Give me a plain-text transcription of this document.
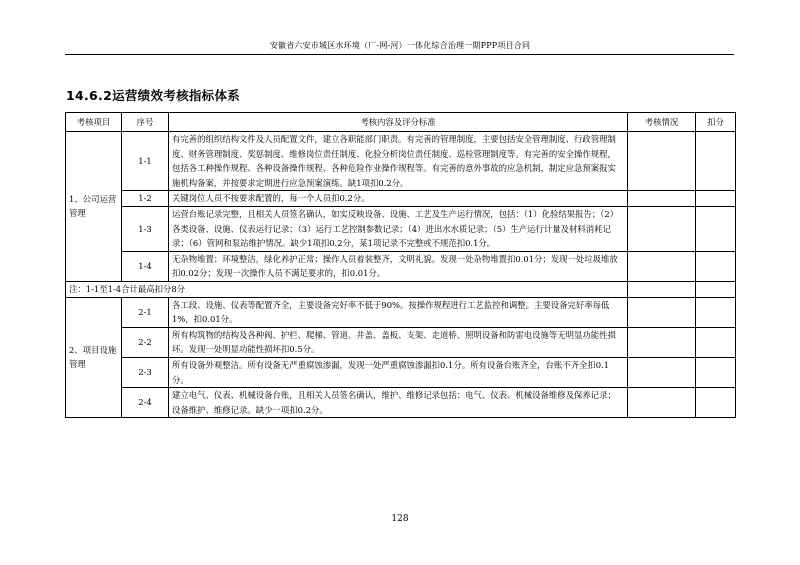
安徽省六安市城区水环境（厂-网-河）一体化综合治理一期PPP项目合同
14.6.2运营绩效考核指标体系
考核项目	序号	考核内容及评分标准	考核情况	扣分
1、公司运营管理	1-1	有完善的组织结构文件及人员配置文件，建立各职能部门职责。有完善的管理制度，主要包括安全管理制度、行政管理制度、财务管理制度、奖惩制度、维修岗位责任制度、化验分析岗位责任制度、巡检管理制度等。有完善的安全操作规程，包括各工种操作规程、各种设备操作规程、各种危险作业操作规程等。有完善的意外事故的应急机制，制定应急预案报实施机构备案，并按要求定期进行应急预案演练。缺1项扣0.2分。		
	1-2	关键岗位人员不按要求配置的，每一个人员扣0.2分。		
	1-3	运营台账记录完整，且相关人员签名确认，如实反映设备、设施、工艺及生产运行情况，包括：（1）化验结果报告；（2）各类设备、设施、仪表运行记录；（3）运行工艺控制参数记录；（4）进出水水质记录；（5）生产运行计量及材料消耗记录；（6）管网和泵站维护情况。缺少1项扣0.2分，某1项记录不完整或不规范扣0.1分。		
	1-4	无杂物堆置；环境整洁，绿化养护正常；操作人员着装整齐，文明礼貌。发现一处杂物堆置扣0.01分；发现一处垃圾堆放扣0.02分；发现一次操作人员不满足要求的，扣0.01分。		
注：1-1至1-4合计最高扣分8分				
2、项目设施管理	2-1	各工段、设施、仪表等配置齐全，主要设备完好率不低于90%。按操作规程进行工艺监控和调整。主要设备完好率每低1%，扣0.01分。		
	2-2	所有构筑物的结构及各种阀、护栏、爬梯、管道、井盖、盖板、支架、走道桥、照明设备和防雷电设施等无明显功能性损坏。发现一处明显功能性损坏扣0.5分。		
	2-3	所有设备外观整洁。所有设备无严重腐蚀渗漏，发现一处严重腐蚀渗漏扣0.1分。所有设备台账齐全，台账不齐全扣0.1分。		
	2-4	建立电气、仪表、机械设备台账，且相关人员签名确认，维护、维修记录包括：电气、仪表、机械设备维修及保养记录；设备维护、维修记录。缺少一项扣0.2分。		
128
